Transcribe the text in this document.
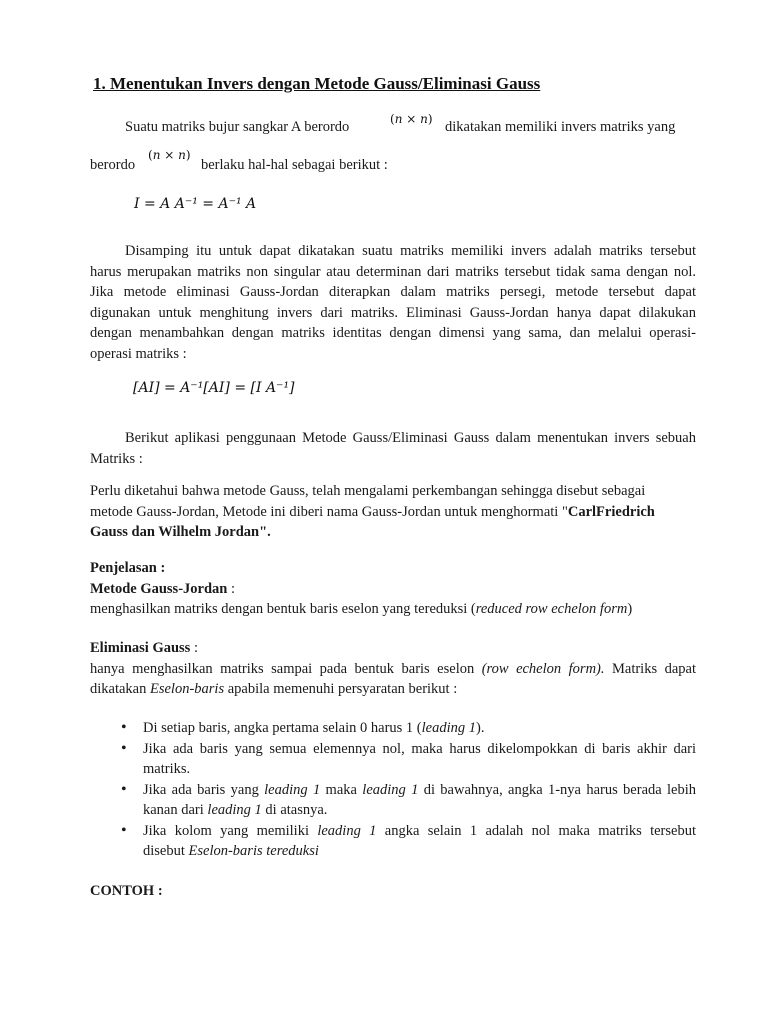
1. Menentukan Invers dengan Metode Gauss/Eliminasi Gauss
Suatu matriks bujur sangkar A berordo	(n × n) dikatakan memiliki invers matriks yang
berordo
(n × n)
berlaku hal-hal sebagai berikut :
I = A A⁻¹ = A⁻¹ A
Disamping itu untuk dapat dikatakan suatu matriks memiliki invers adalah matriks tersebut
harus merupakan matriks non singular atau determinan dari matriks tersebut tidak sama dengan nol.
Jika metode eliminasi Gauss-Jordan diterapkan dalam matriks persegi, metode tersebut dapat
digunakan untuk menghitung invers dari matriks. Eliminasi Gauss-Jordan hanya dapat dilakukan
dengan menambahkan dengan matriks identitas dengan dimensi yang sama, dan melalui operasi-
operasi matriks :
[AI] = A⁻¹[AI] = [I A⁻¹]
Berikut aplikasi penggunaan Metode Gauss/Eliminasi Gauss dalam menentukan invers sebuah
Matriks :
Perlu diketahui bahwa metode Gauss, telah mengalami perkembangan sehingga disebut sebagai
metode Gauss-Jordan, Metode ini diberi nama Gauss-Jordan untuk menghormati "CarlFriedrich
Gauss dan Wilhelm Jordan".
Penjelasan :
Metode Gauss-Jordan :
menghasilkan matriks dengan bentuk baris eselon yang tereduksi (reduced row echelon form)
Eliminasi Gauss :
hanya menghasilkan matriks sampai pada bentuk baris eselon (row echelon form). Matriks dapat
dikatakan Eselon-baris apabila memenuhi persyaratan berikut :
• Di setiap baris, angka pertama selain 0 harus 1 (leading 1).
• Jika ada baris yang semua elemennya nol, maka harus dikelompokkan di baris akhir dari
matriks.
• Jika ada baris yang leading 1 maka leading 1 di bawahnya, angka 1-nya harus berada lebih
kanan dari leading 1 di atasnya.
• Jika kolom yang memiliki leading 1 angka selain 1 adalah nol maka matriks tersebut
disebut Eselon-baris tereduksi
CONTOH :
